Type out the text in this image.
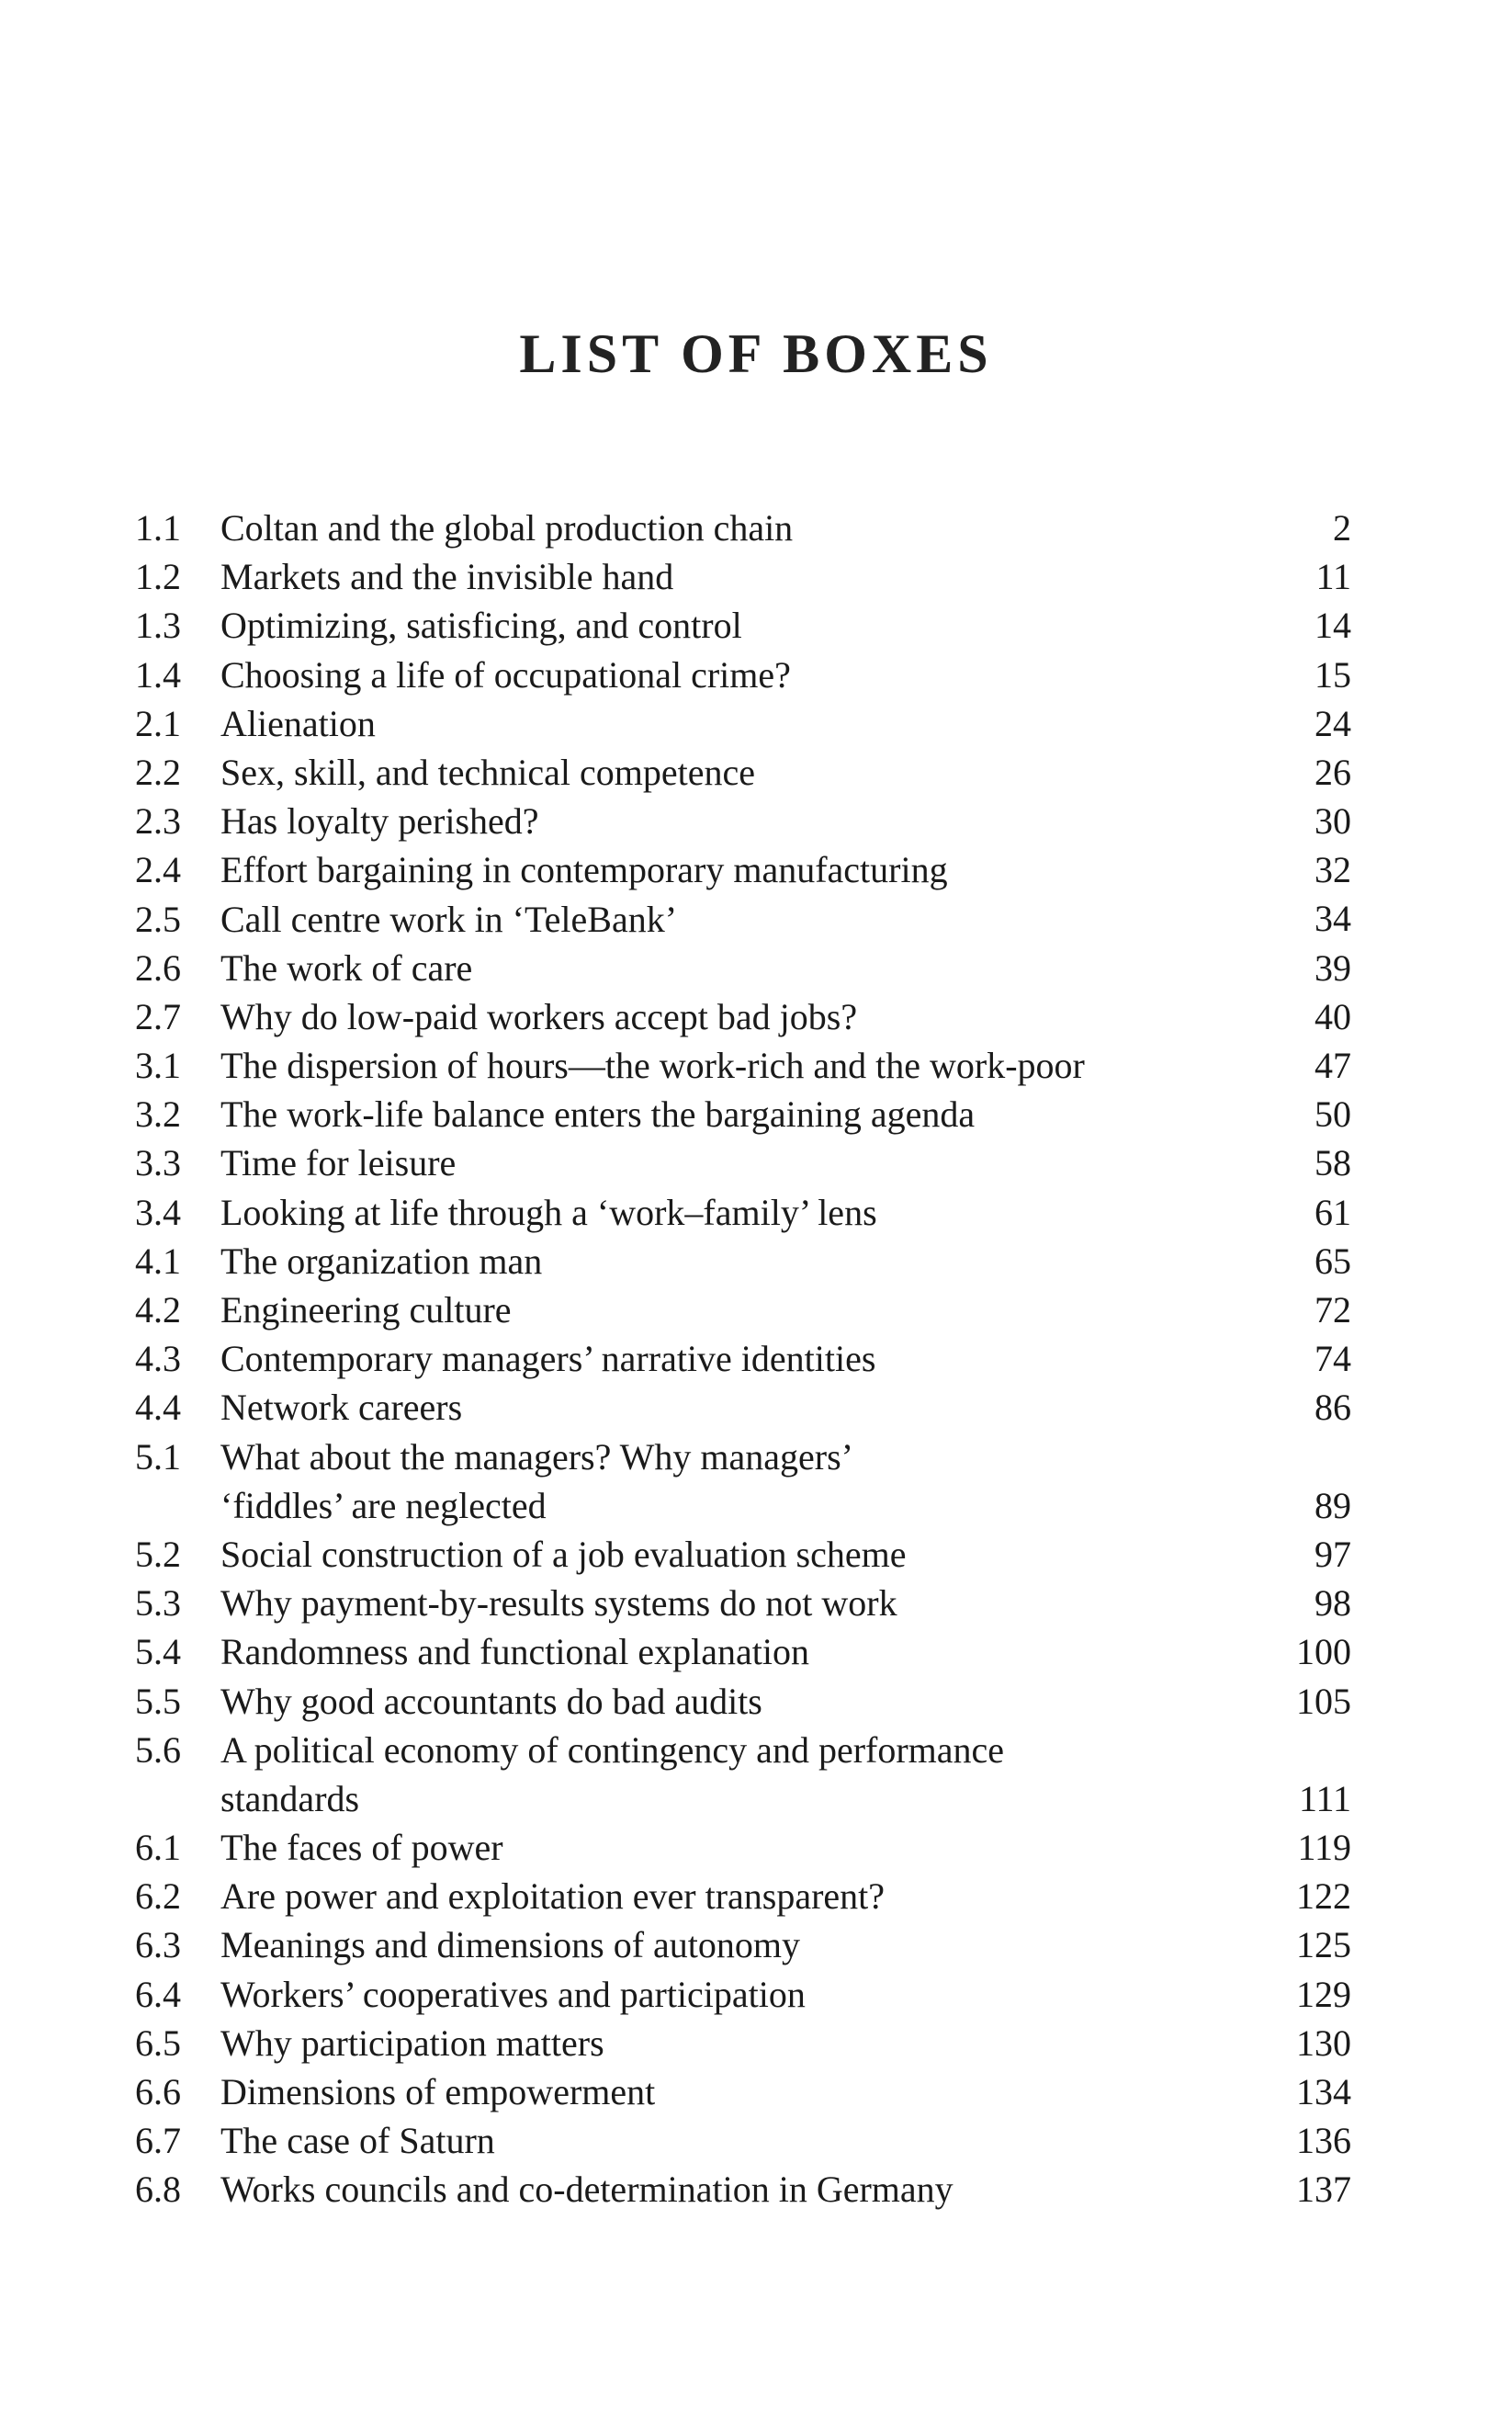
LIST OF BOXES
1.1 Coltan and the global production chain	2
1.2 Markets and the invisible hand	11
1.3 Optimizing, satisficing, and control	14
1.4 Choosing a life of occupational crime?	15
2.1 Alienation	24
2.2 Sex, skill, and technical competence	26
2.3 Has loyalty perished?	30
2.4 Effort bargaining in contemporary manufacturing	32
2.5 Call centre work in ‘TeleBank’	34
2.6 The work of care	39
2.7 Why do low-paid workers accept bad jobs?	40
3.1 The dispersion of hours—the work-rich and the work-poor	47
3.2 The work-life balance enters the bargaining agenda	50
3.3 Time for leisure	58
3.4 Looking at life through a ‘work–family’ lens	61
4.1 The organization man	65
4.2 Engineering culture	72
4.3 Contemporary managers’ narrative identities	74
4.4 Network careers	86
5.1 What about the managers? Why managers’
‘fiddles’ are neglected	89
5.2 Social construction of a job evaluation scheme	97
5.3 Why payment-by-results systems do not work	98
5.4 Randomness and functional explanation	100
5.5 Why good accountants do bad audits	105
5.6 A political economy of contingency and performance
standards	111
6.1 The faces of power	119
6.2 Are power and exploitation ever transparent?	122
6.3 Meanings and dimensions of autonomy	125
6.4 Workers’ cooperatives and participation	129
6.5 Why participation matters	130
6.6 Dimensions of empowerment	134
6.7 The case of Saturn	136
6.8 Works councils and co-determination in Germany	137
